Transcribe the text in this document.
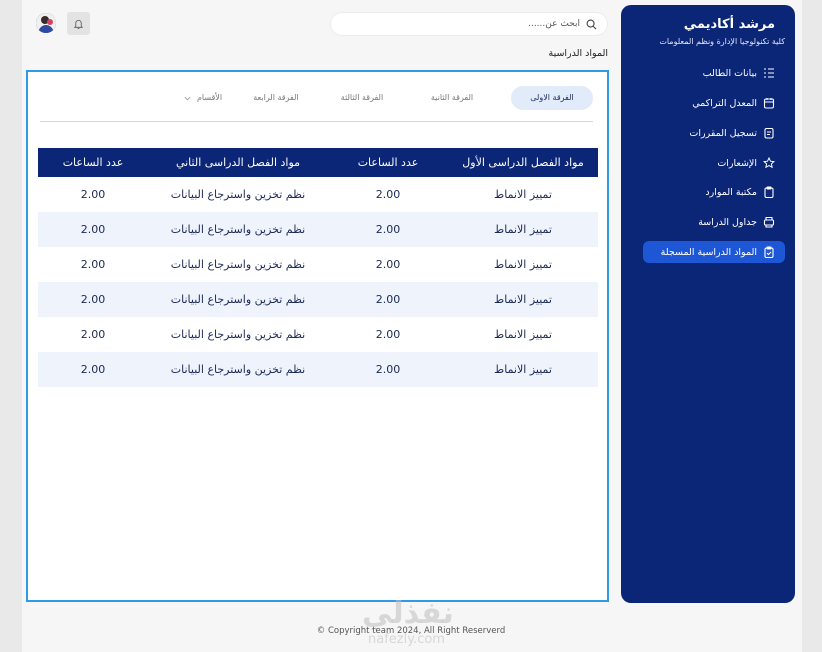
مرشد أكاديمي
كلية تكنولوجيا الإدارة ونظم المعلومات
بيانات الطالب
المعدل التراكمي
تسجيل المقررات
الإشعارات
مكتبة الموارد
جداول الدراسة
المواد الدراسية المسجلة
ابحث عن......
المواد الدراسية
الفرقة الاولى
الفرقة الثانية
الفرقة الثالثة
الفرقة الرابعة
الأقسام
مواد الفصل الدراسى الأول	عدد الساعات	مواد الفصل الدراسى الثاني	عدد الساعات
تمييز الانماط	2.00	نظم تخزين واسترجاع البيانات	2.00
تمييز الانماط	2.00	نظم تخزين واسترجاع البيانات	2.00
تمييز الانماط	2.00	نظم تخزين واسترجاع البيانات	2.00
تمييز الانماط	2.00	نظم تخزين واسترجاع البيانات	2.00
تمييز الانماط	2.00	نظم تخزين واسترجاع البيانات	2.00
تمييز الانماط	2.00	نظم تخزين واسترجاع البيانات	2.00
نفذلي
nafezly.com
© Copyright team 2024, All Right Reserverd
